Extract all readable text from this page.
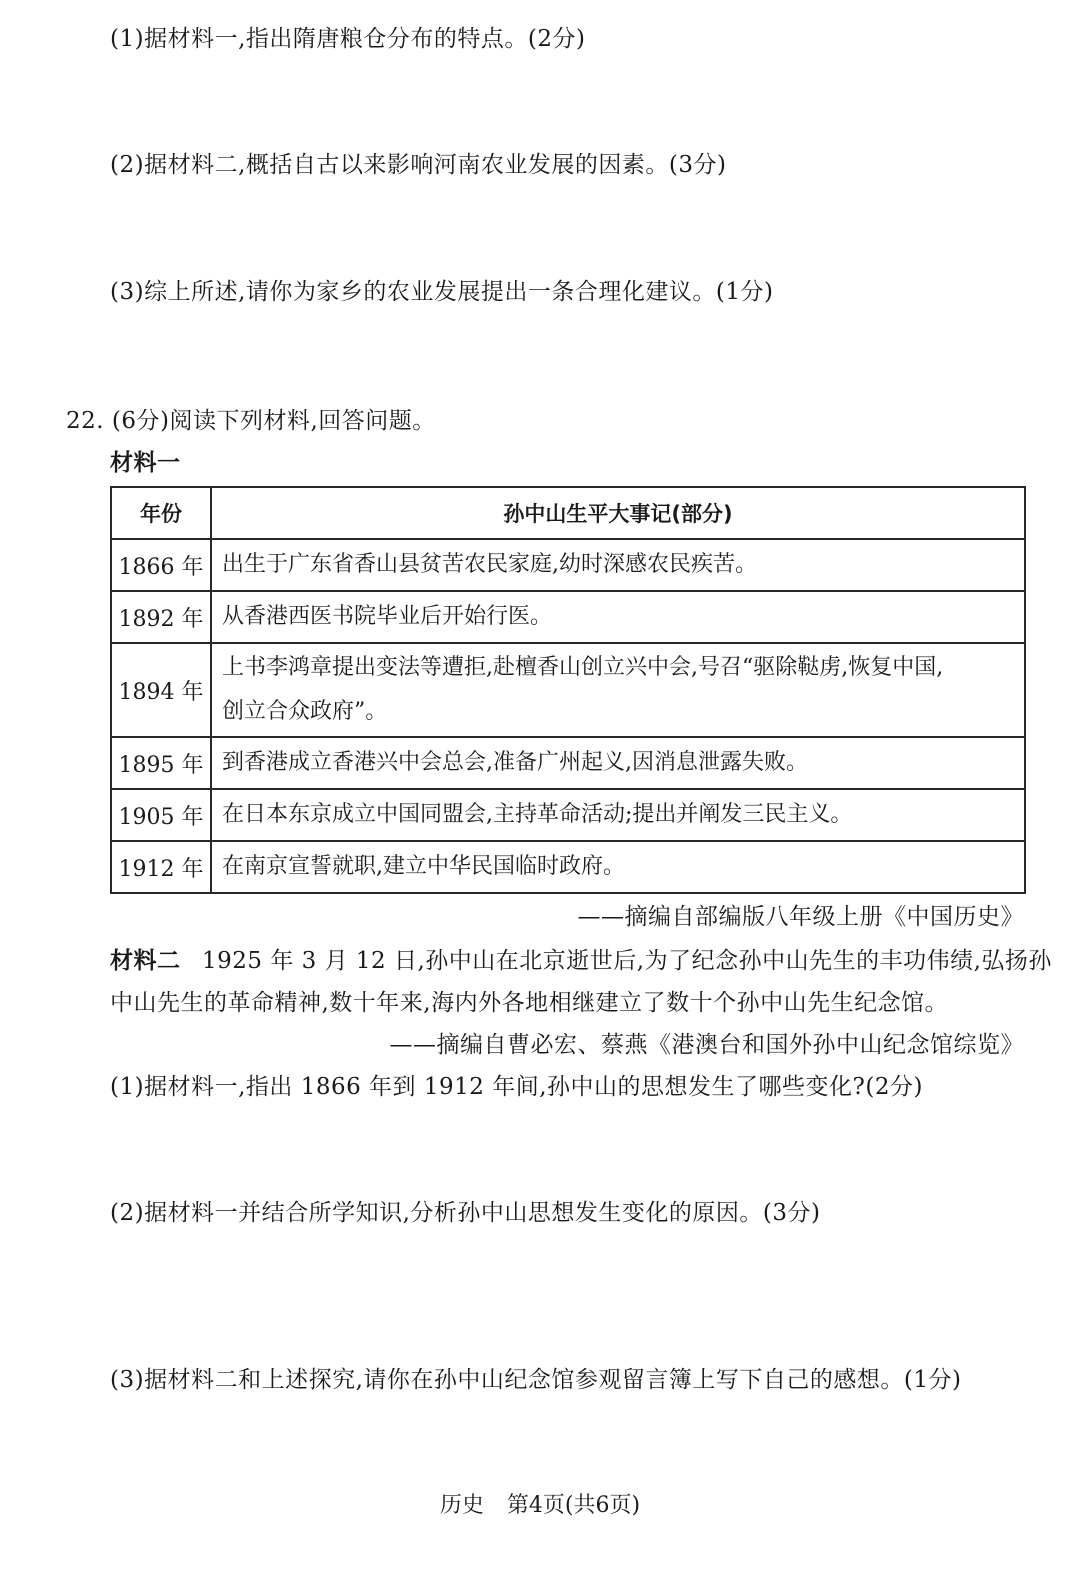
(1)据材料一,指出隋唐粮仓分布的特点。(2分)
(2)据材料二,概括自古以来影响河南农业发展的因素。(3分)
(3)综上所述,请你为家乡的农业发展提出一条合理化建议。(1分)
22. (6分)阅读下列材料,回答问题。
材料一
年份	孙中山生平大事记(部分)
1866 年	出生于广东省香山县贫苦农民家庭,幼时深感农民疾苦。
1892 年	从香港西医书院毕业后开始行医。
1894 年	上书李鸿章提出变法等遭拒,赴檀香山创立兴中会,号召“驱除鞑虏,恢复中国,
创立合众政府”。

1895 年	到香港成立香港兴中会总会,准备广州起义,因消息泄露失败。
1905 年	在日本东京成立中国同盟会,主持革命活动;提出并阐发三民主义。
1912 年	在南京宣誓就职,建立中华民国临时政府。
——摘编自部编版八年级上册《中国历史》
材料二 1925 年 3 月 12 日,孙中山在北京逝世后,为了纪念孙中山先生的丰功伟绩,弘扬孙
中山先生的革命精神,数十年来,海内外各地相继建立了数十个孙中山先生纪念馆。
——摘编自曹必宏、蔡燕《港澳台和国外孙中山纪念馆综览》
(1)据材料一,指出 1866 年到 1912 年间,孙中山的思想发生了哪些变化?(2分)
(2)据材料一并结合所学知识,分析孙中山思想发生变化的原因。(3分)
(3)据材料二和上述探究,请你在孙中山纪念馆参观留言簿上写下自己的感想。(1分)
历史 第4页(共6页)
